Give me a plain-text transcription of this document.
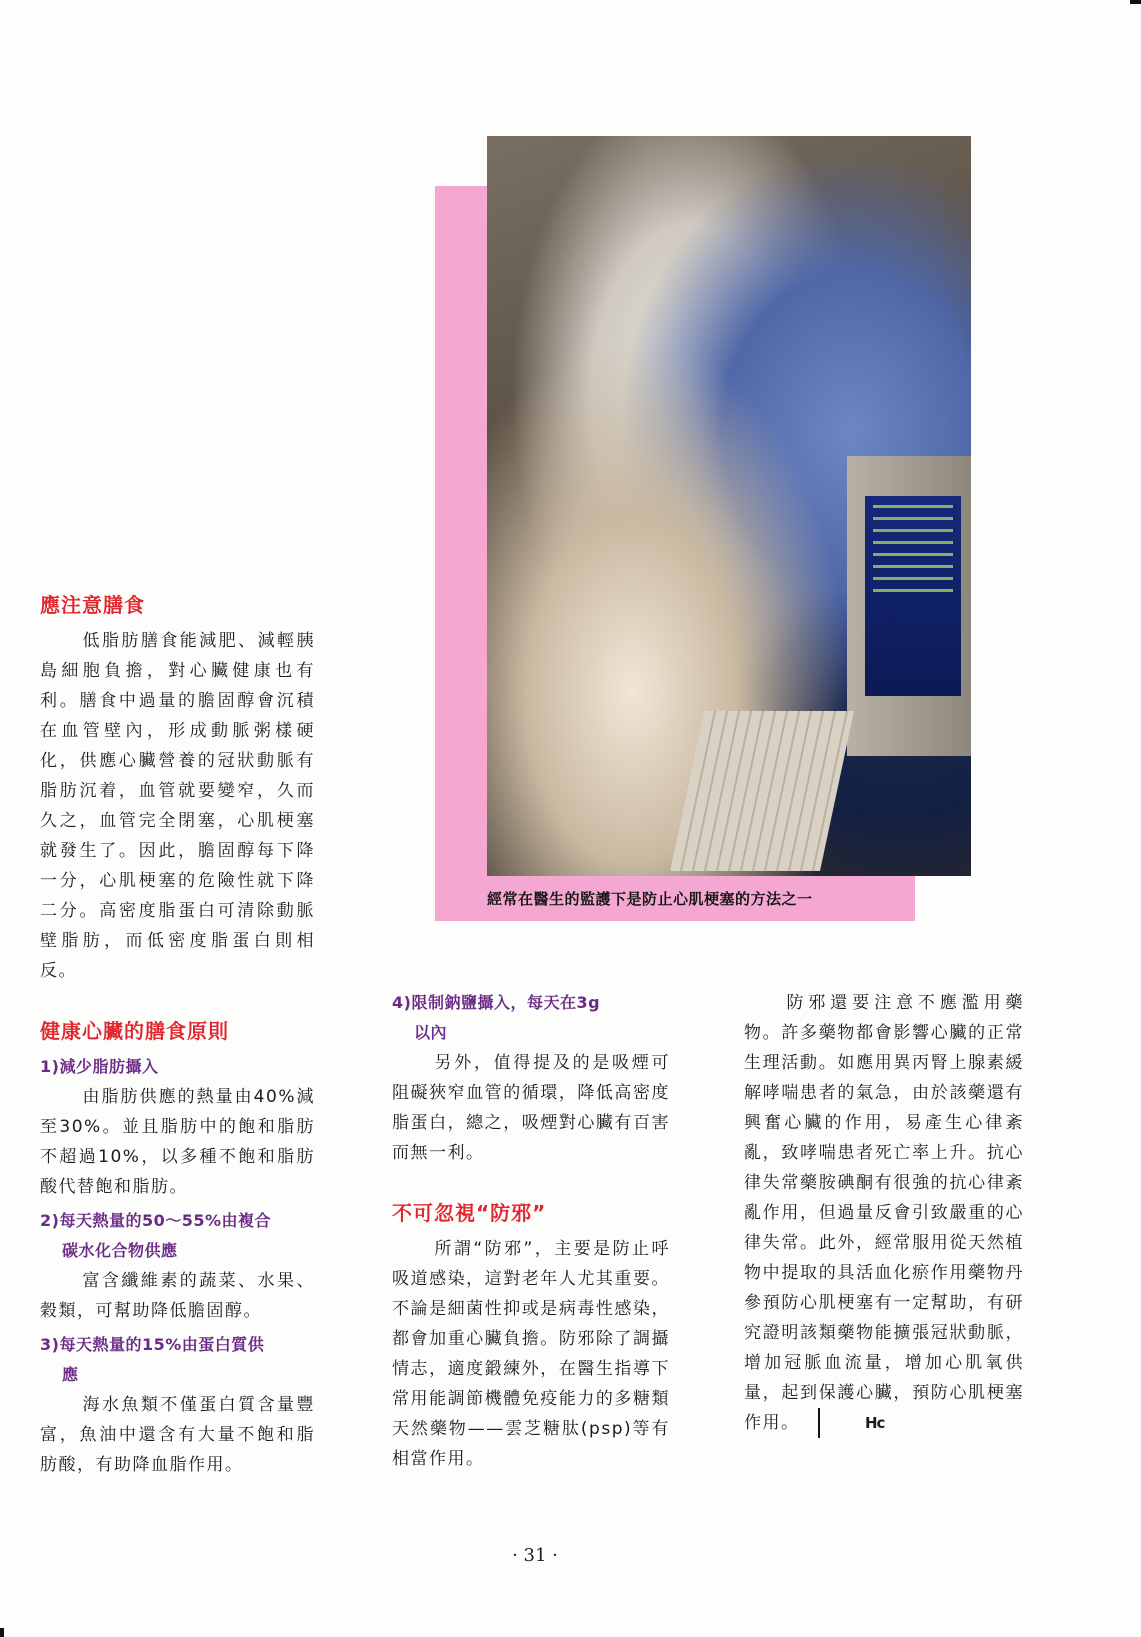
經常在醫生的監護下是防止心肌梗塞的方法之一
應注意膳食

低脂肪膳食能減肥、減輕胰島細胞負擔，對心臟健康也有利。膳食中過量的膽固醇會沉積在血管壁內，形成動脈粥樣硬化，供應心臟營養的冠狀動脈有脂肪沉着，血管就要變窄，久而久之，血管完全閉塞，心肌梗塞就發生了。因此，膽固醇每下降一分，心肌梗塞的危險性就下降二分。高密度脂蛋白可清除動脈壁脂肪，而低密度脂蛋白則相反。

健康心臟的膳食原則
1)減少脂肪攝入

由脂肪供應的熱量由40%減至30%。並且脂肪中的飽和脂肪不超過10%，以多種不飽和脂肪酸代替飽和脂肪。

2)每天熱量的50〜55%由複合
碳水化合物供應

富含纖維素的蔬菜、水果、穀類，可幫助降低膽固醇。

3)每天熱量的15%由蛋白質供
應

海水魚類不僅蛋白質含量豐富，魚油中還含有大量不飽和脂肪酸，有助降血脂作用。

4)限制鈉鹽攝入，每天在3g
以內

另外，值得提及的是吸煙可阻礙狹窄血管的循環，降低高密度脂蛋白，總之，吸煙對心臟有百害而無一利。

不可忽視“防邪”

所謂“防邪”，主要是防止呼吸道感染，這對老年人尤其重要。不論是細菌性抑或是病毒性感染，都會加重心臟負擔。防邪除了調攝情志，適度鍛練外，在醫生指導下常用能調節機體免疫能力的多糖類天然藥物——雲芝糖肽(psp)等有相當作用。

防邪還要注意不應濫用藥物。許多藥物都會影響心臟的正常生理活動。如應用異丙腎上腺素緩解哮喘患者的氣急，由於該藥還有興奮心臟的作用，易產生心律紊亂，致哮喘患者死亡率上升。抗心律失常藥胺碘酮有很強的抗心律紊亂作用，但過量反會引致嚴重的心律失常。此外，經常服用從天然植物中提取的具活血化瘀作用藥物丹參預防心肌梗塞有一定幫助，有研究證明該類藥物能擴張冠狀動脈，增加冠脈血流量，增加心肌氧供量，起到保護心臟，預防心肌梗塞作用。	Hc

· 31 ·
